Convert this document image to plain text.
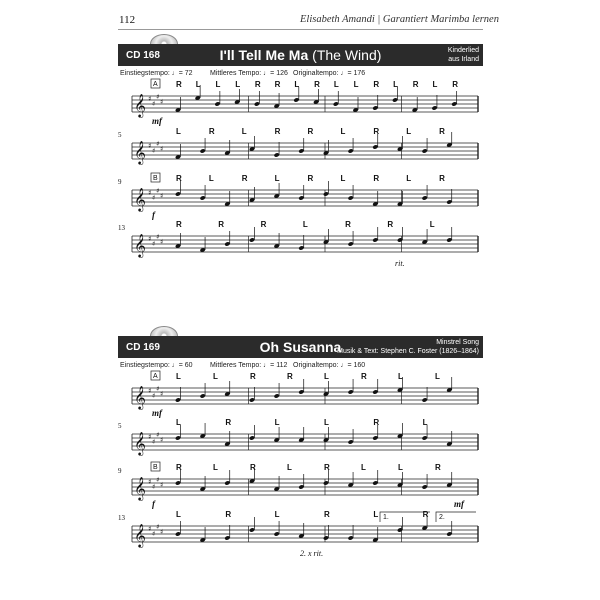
112	Elisabeth Amandi | Garantiert Marimba lernen
CD 168	I'll Tell Me Ma (The Wind)	Kinderlied
aus Irland
Einstiegstempo: ♩= 72 Mittleres Tempo: ♩= 126 Originaltempo: ♩= 176
CD 169	Oh Susanna	Minstrel Song
Musik & Text: Stephen C. Foster (1826–1864)
Einstiegstempo: ♩= 60 Mittleres Tempo: ♩= 112 Originaltempo: ♩= 160
𝄞 ♯
♯
♯
♯
A R L L L R R L R L L R L R L R
mf
𝄞 ♯
♯
♯
♯
5	L	R	L	R	R	L	R	L	R
𝄞 ♯
♯
♯
♯
9	B R	L	R	L	R	L	R	L	R
f
𝄞 ♯
♯
♯
♯
13	R	R	R	L	R	R	L
rit.
𝄞 ♯
♯
♯
♯
A L	L	R	R	L	R	L	L
mf
𝄞 ♯
♯
♯
♯
5	L	R	L	L	R	L
𝄞 ♯
♯
♯
♯
9	B R	L	R	L	R	L	L	R
f	mf
𝄞 ♯
♯
♯
♯
13	L	R	L	R	L	R
2. x rit.
1.	2.
